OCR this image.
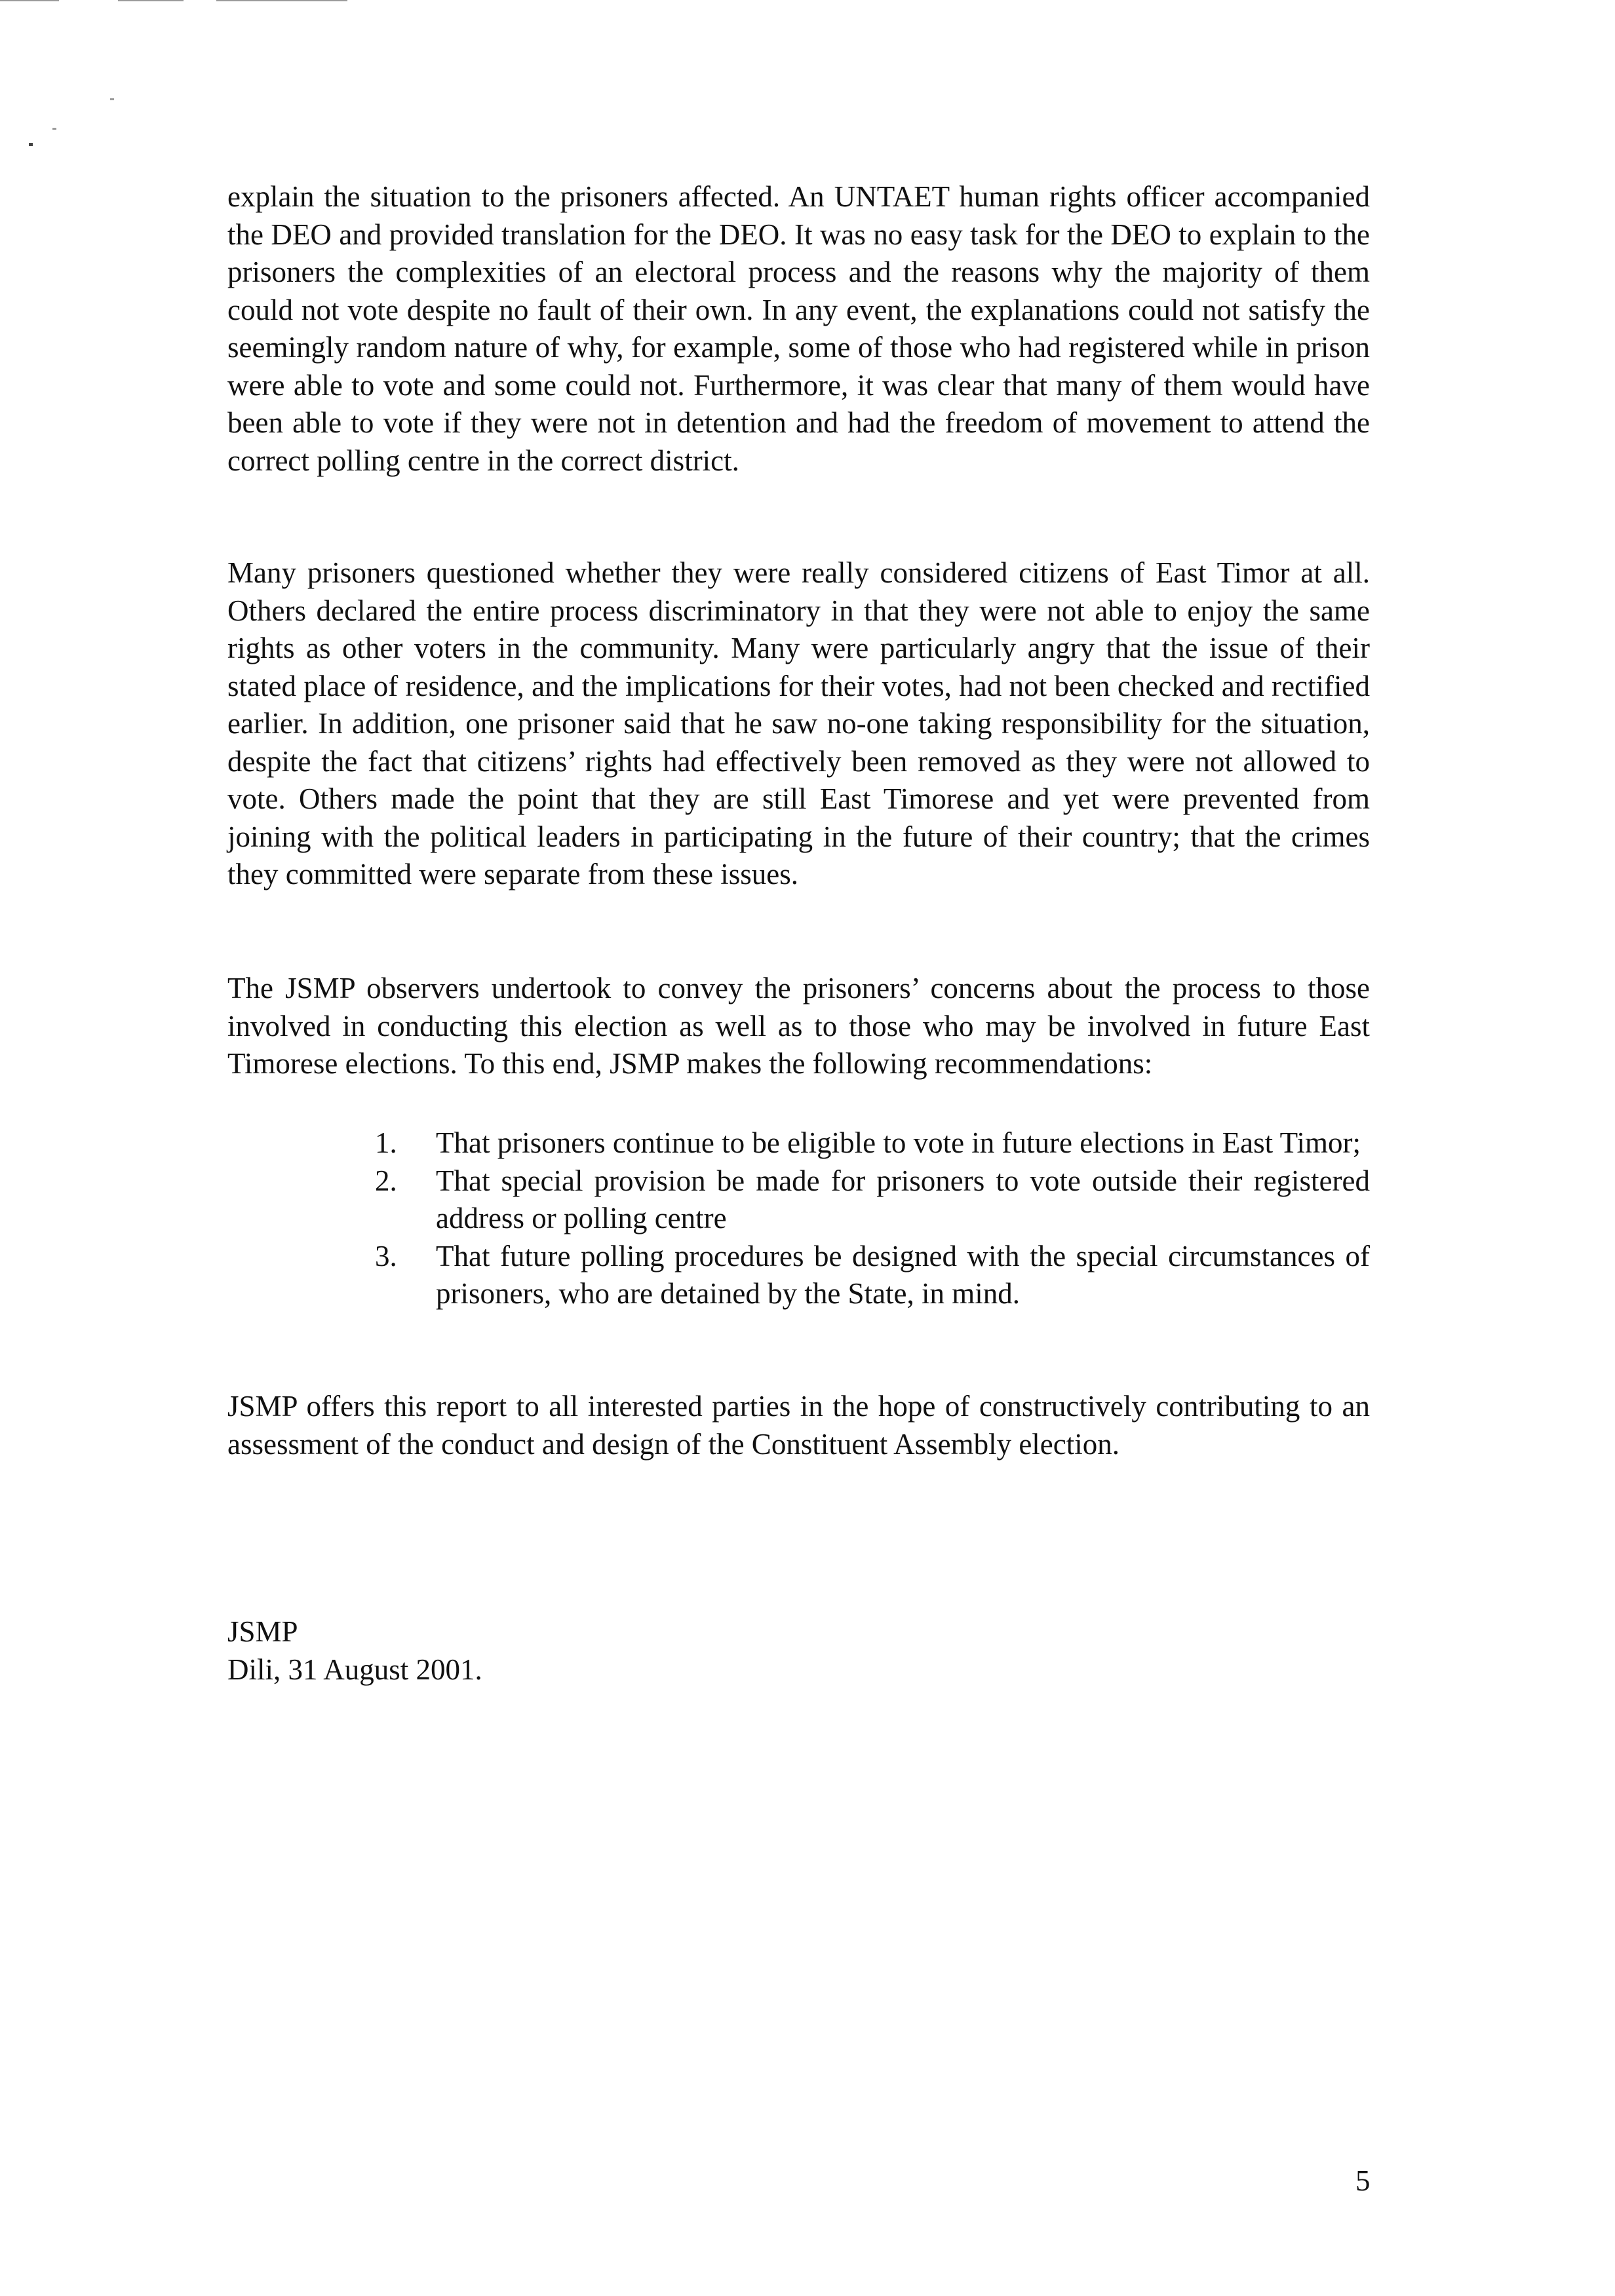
explain the situation to the prisoners affected. An UNTAET human rights officer accompanied the DEO and provided translation for the DEO. It was no easy task for the DEO to explain to the prisoners the complexities of an electoral process and the reasons why the majority of them could not vote despite no fault of their own. In any event, the explanations could not satisfy the seemingly random nature of why, for example, some of those who had registered while in prison were able to vote and some could not. Furthermore, it was clear that many of them would have been able to vote if they were not in detention and had the freedom of movement to attend the correct polling centre in the correct district.

Many prisoners questioned whether they were really considered citizens of East Timor at all. Others declared the entire process discriminatory in that they were not able to enjoy the same rights as other voters in the community. Many were particularly angry that the issue of their stated place of residence, and the implications for their votes, had not been checked and rectified earlier. In addition, one prisoner said that he saw no-one taking responsibility for the situation, despite the fact that citizens’ rights had effectively been removed as they were not allowed to vote. Others made the point that they are still East Timorese and yet were prevented from joining with the political leaders in participating in the future of their country; that the crimes they committed were separate from these issues.

The JSMP observers undertook to convey the prisoners’ concerns about the process to those involved in conducting this election as well as to those who may be involved in future East Timorese elections. To this end, JSMP makes the following recommendations:

1. That prisoners continue to be eligible to vote in future elections in East Timor;
2. That special provision be made for prisoners to vote outside their registered address or polling centre
3. That future polling procedures be designed with the special circumstances of prisoners, who are detained by the State, in mind.

JSMP offers this report to all interested parties in the hope of constructively contributing to an assessment of the conduct and design of the Constituent Assembly election.

JSMP
Dili, 31 August 2001.
5
